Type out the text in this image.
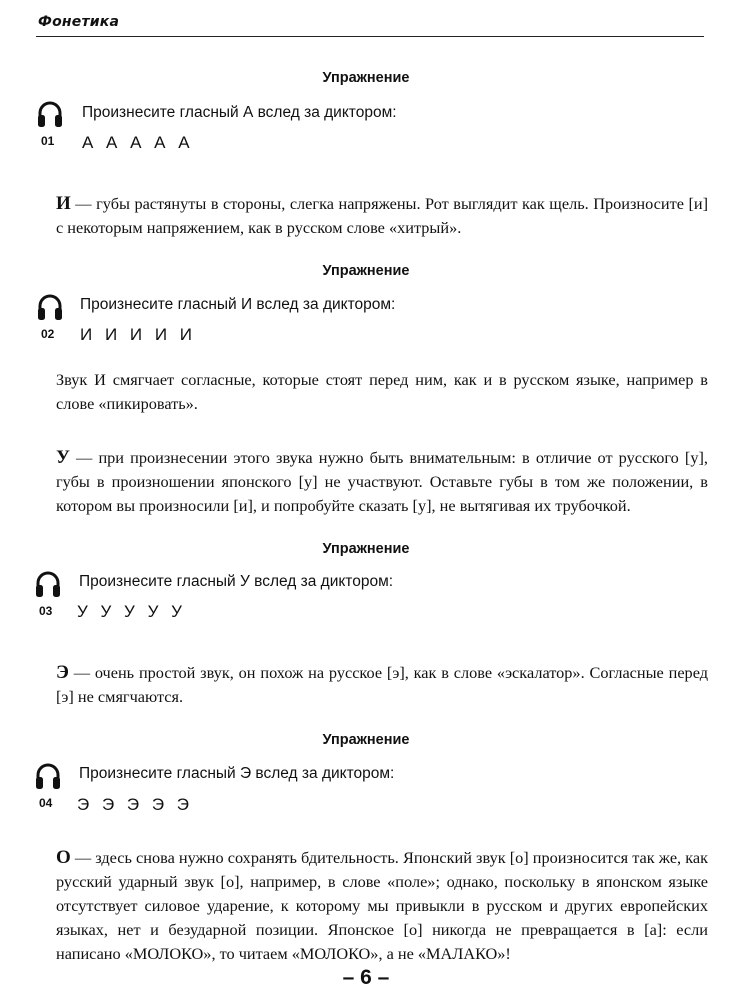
Фонетика
Упражнение
01
Произнесите гласный А вслед за диктором:
А А А А А
И — губы растянуты в стороны, слегка напряжены. Рот выглядит как щель. Произносите [и] с некоторым напряжением, как в русском слове «хитрый».
Упражнение
02
Произнесите гласный И вслед за диктором:
И И И И И
Звук И смягчает согласные, которые стоят перед ним, как и в русском языке, например в слове «пикировать».
У — при произнесении этого звука нужно быть внимательным: в отличие от русского [у], губы в произношении японского [у] не участвуют. Оставьте губы в том же положении, в котором вы произносили [и], и попробуйте сказать [у], не вытягивая их трубочкой.
Упражнение
03
Произнесите гласный У вслед за диктором:
У У У У У
Э — очень простой звук, он похож на русское [э], как в слове «эскалатор». Согласные перед [э] не смягчаются.
Упражнение
04
Произнесите гласный Э вслед за диктором:
Э Э Э Э Э
О — здесь снова нужно сохранять бдительность. Японский звук [о] произносится так же, как русский ударный звук [о], например, в слове «поле»; однако, поскольку в японском языке отсутствует силовое ударение, к которому мы привыкли в русском и других европейских языках, нет и безударной позиции. Японское [о] никогда не превращается в [а]: если написано «МОЛОКО», то читаем «МОЛОКО», а не «МАЛАКО»!
– 6 –
